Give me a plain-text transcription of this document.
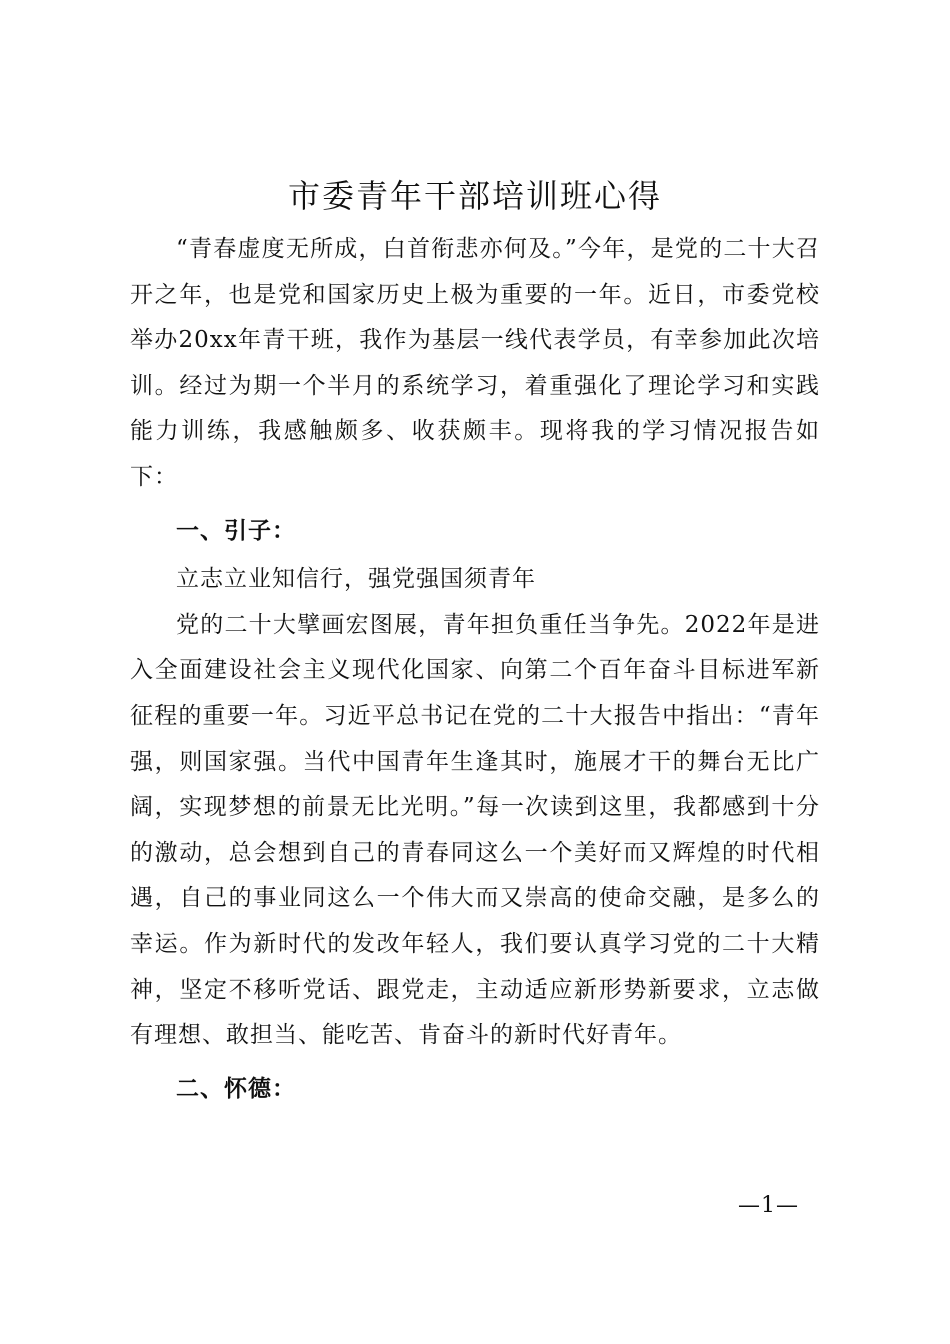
市委青年干部培训班心得

“青春虚度无所成，白首衔悲亦何及。”今年，是党的二十大召开之年，也是党和国家历史上极为重要的一年。近日，市委党校举办20xx年青干班，我作为基层一线代表学员，有幸参加此次培训。经过为期一个半月的系统学习，着重强化了理论学习和实践能力训练，我感触颇多、收获颇丰。现将我的学习情况报告如下：

一、引子：

立志立业知信行，强党强国须青年

党的二十大擘画宏图展，青年担负重任当争先。2022年是进入全面建设社会主义现代化国家、向第二个百年奋斗目标进军新征程的重要一年。习近平总书记在党的二十大报告中指出：“青年强，则国家强。当代中国青年生逢其时，施展才干的舞台无比广阔，实现梦想的前景无比光明。”每一次读到这里，我都感到十分的激动，总会想到自己的青春同这么一个美好而又辉煌的时代相遇，自己的事业同这么一个伟大而又崇高的使命交融，是多么的幸运。作为新时代的发改年轻人，我们要认真学习党的二十大精神，坚定不移听党话、跟党走，主动适应新形势新要求，立志做有理想、敢担当、能吃苦、肯奋斗的新时代好青年。

二、怀德：

—1—
